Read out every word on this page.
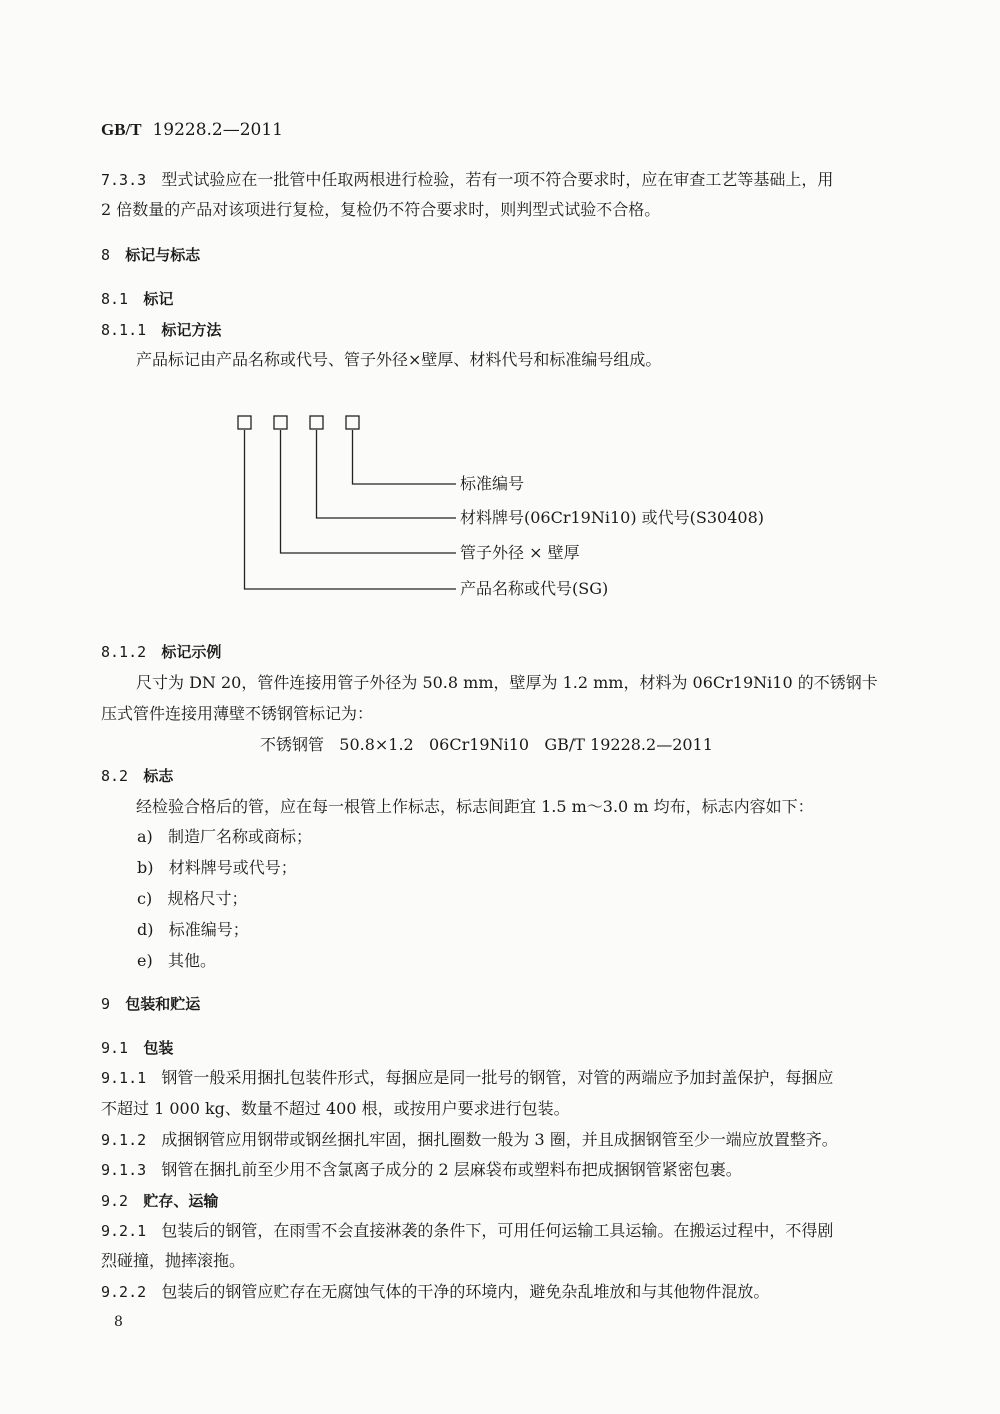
GB/T 19228.2—2011
7.3.3 型式试验应在一批管中任取两根进行检验，若有一项不符合要求时，应在审查工艺等基础上，用
2 倍数量的产品对该项进行复检，复检仍不符合要求时，则判型式试验不合格。
8 标记与标志
8.1 标记
8.1.1 标记方法
产品标记由产品名称或代号、管子外径×壁厚、材料代号和标准编号组成。
标准编号
材料牌号(06Cr19Ni10) 或代号(S30408)
管子外径 × 壁厚
产品名称或代号(SG)
8.1.2 标记示例
尺寸为 DN 20，管件连接用管子外径为 50.8 mm，壁厚为 1.2 mm，材料为 06Cr19Ni10 的不锈钢卡
压式管件连接用薄壁不锈钢管标记为：
不锈钢管   50.8×1.2   06Cr19Ni10   GB/T 19228.2—2011
8.2 标志
经检验合格后的管，应在每一根管上作标志，标志间距宜 1.5 m～3.0 m 均布，标志内容如下：
a) 制造厂名称或商标；
b) 材料牌号或代号；
c) 规格尺寸；
d) 标准编号；
e) 其他。
9 包装和贮运
9.1 包装
9.1.1 钢管一般采用捆扎包装件形式，每捆应是同一批号的钢管，对管的两端应予加封盖保护，每捆应
不超过 1 000 kg、数量不超过 400 根，或按用户要求进行包装。
9.1.2 成捆钢管应用钢带或钢丝捆扎牢固，捆扎圈数一般为 3 圈，并且成捆钢管至少一端应放置整齐。
9.1.3 钢管在捆扎前至少用不含氯离子成分的 2 层麻袋布或塑料布把成捆钢管紧密包裹。
9.2 贮存、运输
9.2.1 包装后的钢管，在雨雪不会直接淋袭的条件下，可用任何运输工具运输。在搬运过程中，不得剧
烈碰撞，抛摔滚拖。
9.2.2 包装后的钢管应贮存在无腐蚀气体的干净的环境内，避免杂乱堆放和与其他物件混放。
8
